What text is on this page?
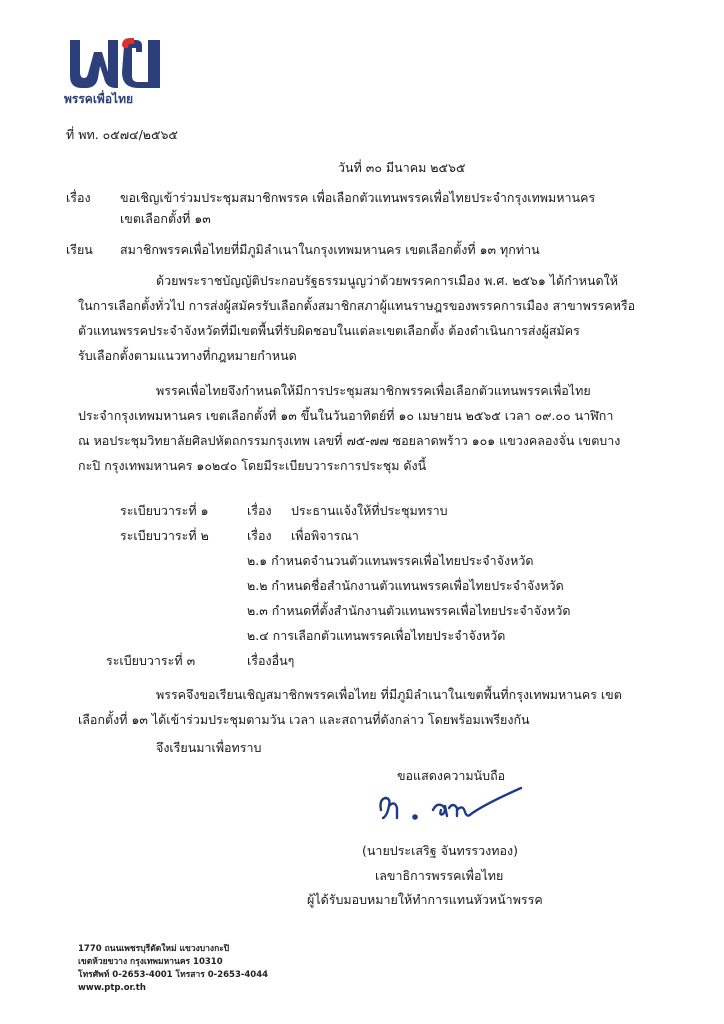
พรรคเพื่อไทย
ที่ พท. ๐๕๗๔/๒๕๖๕
วันที่ ๓๐ มีนาคม ๒๕๖๕
เรื่อง ขอเชิญเข้าร่วมประชุมสมาชิกพรรค เพื่อเลือกตัวแทนพรรคเพื่อไทยประจำกรุงเทพมหานคร
เขตเลือกตั้งที่ ๑๓
เรียน สมาชิกพรรคเพื่อไทยที่มีภูมิลำเนาในกรุงเทพมหานคร เขตเลือกตั้งที่ ๑๓ ทุกท่าน
ด้วยพระราชบัญญัติประกอบรัฐธรรมนูญว่าด้วยพรรคการเมือง พ.ศ. ๒๕๖๑ ได้กำหนดให้
ในการเลือกตั้งทั่วไป การส่งผู้สมัครรับเลือกตั้งสมาชิกสภาผู้แทนราษฎรของพรรคการเมือง สาขาพรรคหรือ
ตัวแทนพรรคประจำจังหวัดที่มีเขตพื้นที่รับผิดชอบในแต่ละเขตเลือกตั้ง ต้องดำเนินการส่งผู้สมัคร
รับเลือกตั้งตามแนวทางที่กฎหมายกำหนด
พรรคเพื่อไทยจึงกำหนดให้มีการประชุมสมาชิกพรรคเพื่อเลือกตัวแทนพรรคเพื่อไทย
ประจำกรุงเทพมหานคร เขตเลือกตั้งที่ ๑๓ ขึ้นในวันอาทิตย์ที่ ๑๐ เมษายน ๒๕๖๕ เวลา ๐๙.๐๐ นาฬิกา
ณ หอประชุมวิทยาลัยศิลปหัตถกรรมกรุงเทพ เลขที่ ๗๕-๗๗ ซอยลาดพร้าว ๑๐๑ แขวงคลองจั่น เขตบาง
กะปิ กรุงเทพมหานคร ๑๐๒๔๐ โดยมีระเบียบวาระการประชุม ดังนี้
ระเบียบวาระที่ ๑	เรื่อง ประธานแจ้งให้ที่ประชุมทราบ
ระเบียบวาระที่ ๒	เรื่อง เพื่อพิจารณา
๒.๑ กำหนดจำนวนตัวแทนพรรคเพื่อไทยประจำจังหวัด
๒.๒ กำหนดชื่อสำนักงานตัวแทนพรรคเพื่อไทยประจำจังหวัด
๒.๓ กำหนดที่ตั้งสำนักงานตัวแทนพรรคเพื่อไทยประจำจังหวัด
๒.๔ การเลือกตัวแทนพรรคเพื่อไทยประจำจังหวัด
ระเบียบวาระที่ ๓	เรื่องอื่นๆ
พรรคจึงขอเรียนเชิญสมาชิกพรรคเพื่อไทย ที่มีภูมิลำเนาในเขตพื้นที่กรุงเทพมหานคร เขต
เลือกตั้งที่ ๑๓ ได้เข้าร่วมประชุมตามวัน เวลา และสถานที่ดังกล่าว โดยพร้อมเพรียงกัน
จึงเรียนมาเพื่อทราบ
ขอแสดงความนับถือ
(นายประเสริฐ จันทรรวงทอง)
เลขาธิการพรรคเพื่อไทย
ผู้ได้รับมอบหมายให้ทำการแทนหัวหน้าพรรค
1770 ถนนเพชรบุรีตัดใหม่ แขวงบางกะปิ
เขตห้วยขวาง กรุงเทพมหานคร 10310
โทรศัพท์ 0-2653-4001 โทรสาร 0-2653-4044
www.ptp.or.th
